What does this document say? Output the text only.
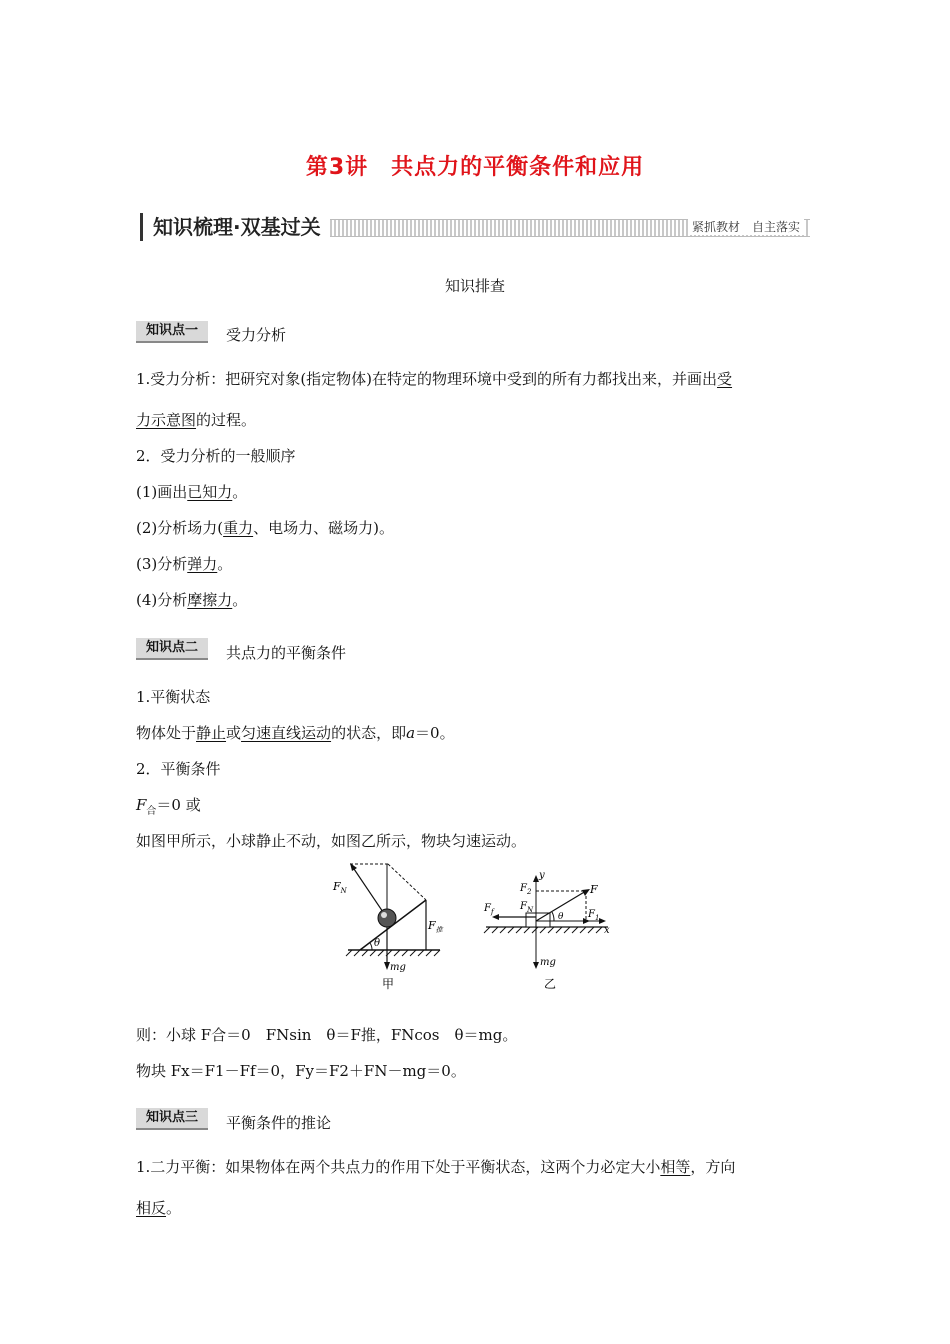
第3讲　共点力的平衡条件和应用
知识梳理·双基过关	紧抓教材　自主落实
知识排查
知识点一	受力分析
1.受力分析：把研究对象(指定物体)在特定的物理环境中受到的所有力都找出来，并画出受
力示意图的过程。
2．受力分析的一般顺序
(1)画出已知力。
(2)分析场力(重力、电场力、磁场力)。
(3)分析弹力。
(4)分析摩擦力。
知识点二	共点力的平衡条件
1.平衡状态
物体处于静止或匀速直线运动的状态，即a＝0。
2．平衡条件
$F_合=0$ 或
如图甲所示，小球静止不动，如图乙所示，物块匀速运动。
$F_N$
$F_推$
θ
mg
甲
y
x
F
$F_2$
$F_N$
$F_f$	$F_1$
θ
mg
乙
则：小球 F合＝0　FNsin　θ＝F推，FNcos　θ＝mg。
物块 Fx＝F1－Ff＝0，Fy＝F2＋FN－mg＝0。
知识点三	平衡条件的推论
1.二力平衡：如果物体在两个共点力的作用下处于平衡状态，这两个力必定大小相等，方向
相反。
